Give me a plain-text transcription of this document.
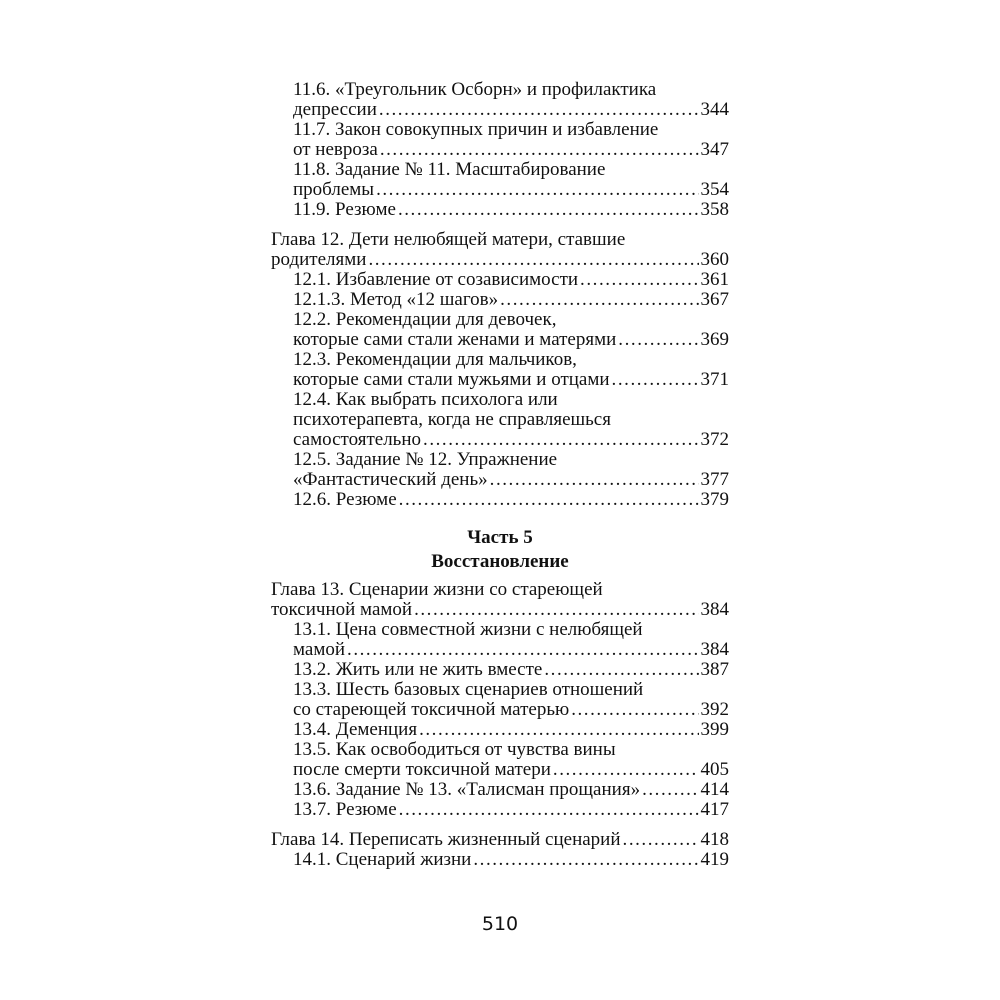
11.6. «Треугольник Осборн» и профилактика
депрессии . . .	344
11.7. Закон совокупных причин и избавление
от невроза . . .	347
11.8. Задание № 11. Масштабирование
проблемы . . .	354
11.9. Резюме . . .	358
Глава 12. Дети нелюбящей матери, ставшие
родителями . . .	360
12.1. Избавление от созависимости . . .	361
12.1.3. Метод «12 шагов» . . .	367
12.2. Рекомендации для девочек,
которые сами стали женами и матерями . . .	369
12.3. Рекомендации для мальчиков,
которые сами стали мужьями и отцами . . .	371
12.4. Как выбрать психолога или
психотерапевта, когда не справляешься
самостоятельно . . .	372
12.5. Задание № 12. Упражнение
«Фантастический день» . . .	377
12.6. Резюме . . .	379
Часть 5
Восстановление
Глава 13. Сценарии жизни со стареющей
токсичной мамой . . .	384
13.1. Цена совместной жизни с нелюбящей
мамой . . .	384
13.2. Жить или не жить вместе . . .	387
13.3. Шесть базовых сценариев отношений
со стареющей токсичной матерью . . .	392
13.4. Деменция . . .	399
13.5. Как освободиться от чувства вины
после смерти токсичной матери . . .	405
13.6. Задание № 13. «Талисман прощания» . . .	414
13.7. Резюме . . .	417
Глава 14. Переписать жизненный сценарий . . .	418
14.1. Сценарий жизни . . .	419
510
